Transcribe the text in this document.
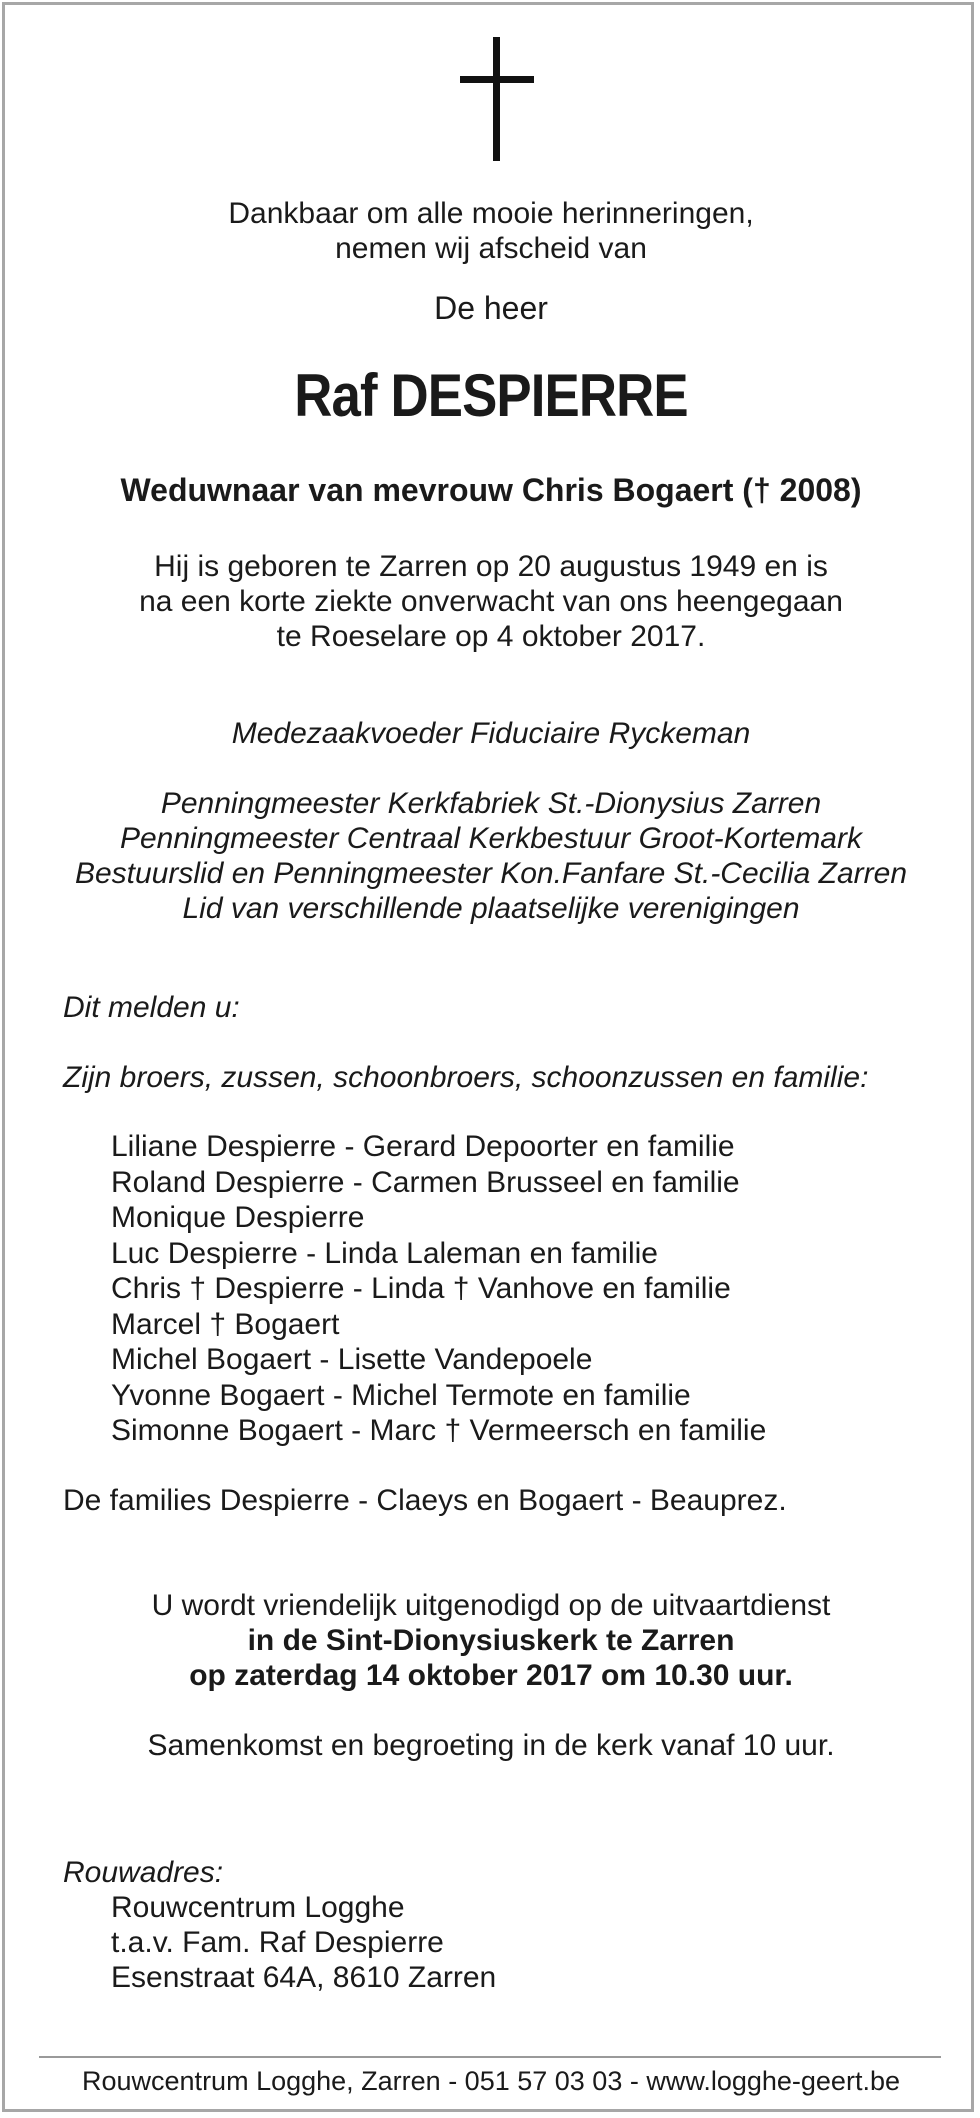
Dankbaar om alle mooie herinneringen,
nemen wij afscheid van
De heer
Raf DESPIERRE
Weduwnaar van mevrouw Chris Bogaert († 2008)
Hij is geboren te Zarren op 20 augustus 1949 en is
na een korte ziekte onverwacht van ons heengegaan
te Roeselare op 4 oktober 2017.
Medezaakvoeder Fiduciaire Ryckeman
Penningmeester Kerkfabriek St.-Dionysius Zarren
Penningmeester Centraal Kerkbestuur Groot-Kortemark
Bestuurslid en Penningmeester Kon.Fanfare St.-Cecilia Zarren
Lid van verschillende plaatselijke verenigingen
Dit melden u:
Zijn broers, zussen, schoonbroers, schoonzussen en familie:
Liliane Despierre - Gerard Depoorter en familie
Roland Despierre - Carmen Brusseel en familie
Monique Despierre
Luc Despierre - Linda Laleman en familie
Chris † Despierre - Linda † Vanhove en familie
Marcel † Bogaert
Michel Bogaert - Lisette Vandepoele
Yvonne Bogaert - Michel Termote en familie
Simonne Bogaert - Marc † Vermeersch en familie
De families Despierre - Claeys en Bogaert - Beauprez.
U wordt vriendelijk uitgenodigd op de uitvaartdienst
in de Sint-Dionysiuskerk te Zarren
op zaterdag 14 oktober 2017 om 10.30 uur.
Samenkomst en begroeting in de kerk vanaf 10 uur.
Rouwadres:
Rouwcentrum Logghe
t.a.v. Fam. Raf Despierre
Esenstraat 64A, 8610 Zarren
Rouwcentrum Logghe, Zarren - 051 57 03 03 - www.logghe-geert.be
